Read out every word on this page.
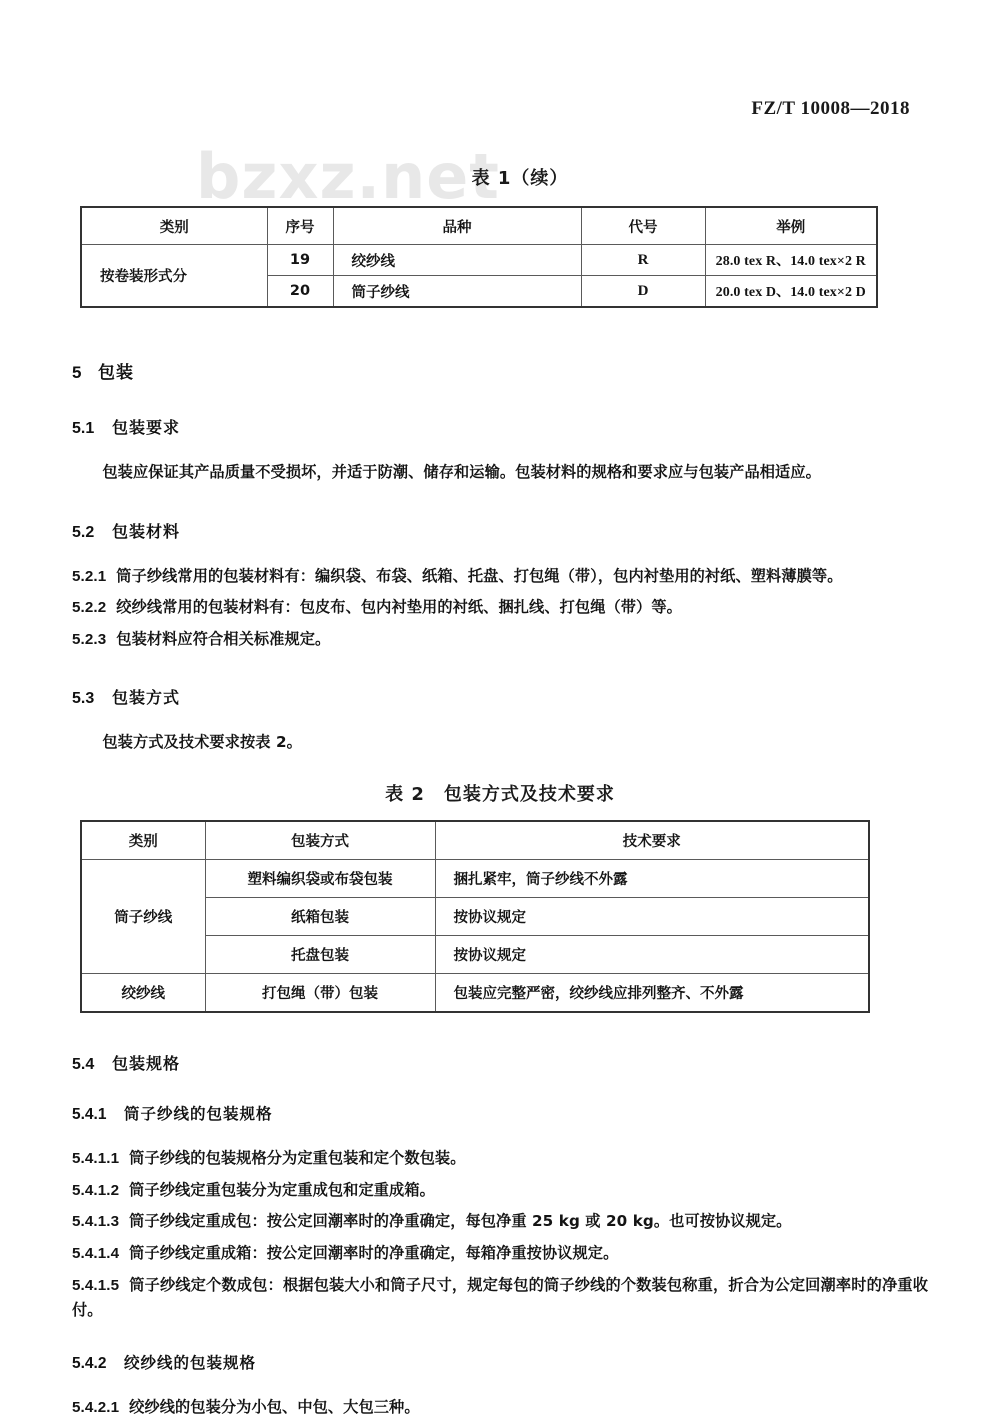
bzxz.net
FZ/T 10008—2018
表 1（续）
类别	序号	品种	代号	举例
按卷装形式分	19	绞纱线	R	28.0 tex R、14.0 tex×2 R
	20	筒子纱线	D	20.0 tex D、14.0 tex×2 D
5 包装
5.1 包装要求

包装应保证其产品质量不受损坏，并适于防潮、储存和运输。包装材料的规格和要求应与包装产品相适应。

5.2 包装材料

5.2.1 筒子纱线常用的包装材料有：编织袋、布袋、纸箱、托盘、打包绳（带），包内衬垫用的衬纸、塑料薄膜等。

5.2.2 绞纱线常用的包装材料有：包皮布、包内衬垫用的衬纸、捆扎线、打包绳（带）等。

5.2.3 包装材料应符合相关标准规定。

5.3 包装方式

包装方式及技术要求按表 2。

表 2　包装方式及技术要求
类别	包装方式	技术要求
筒子纱线	塑料编织袋或布袋包装	捆扎紧牢，筒子纱线不外露
	纸箱包装	按协议规定
	托盘包装	按协议规定
绞纱线	打包绳（带）包装	包装应完整严密，绞纱线应排列整齐、不外露
5.4 包装规格
5.4.1 筒子纱线的包装规格

5.4.1.1 筒子纱线的包装规格分为定重包装和定个数包装。

5.4.1.2 筒子纱线定重包装分为定重成包和定重成箱。

5.4.1.3 筒子纱线定重成包：按公定回潮率时的净重确定，每包净重 25 kg 或 20 kg。也可按协议规定。

5.4.1.4 筒子纱线定重成箱：按公定回潮率时的净重确定，每箱净重按协议规定。

5.4.1.5 筒子纱线定个数成包：根据包装大小和筒子尺寸，规定每包的筒子纱线的个数装包称重，折合为公定回潮率时的净重收付。

5.4.2 绞纱线的包装规格

5.4.2.1 绞纱线的包装分为小包、中包、大包三种。
